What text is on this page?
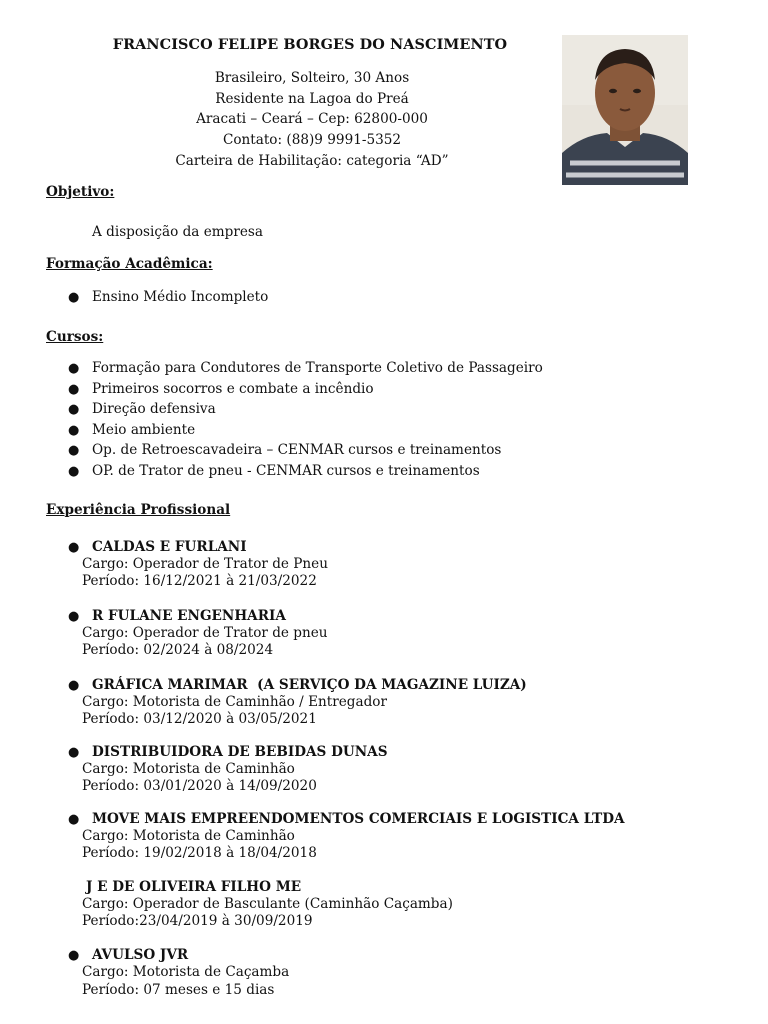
FRANCISCO FELIPE BORGES DO NASCIMENTO
Brasileiro, Solteiro, 30 Anos
Residente na Lagoa do Preá
Aracati – Ceará – Cep: 62800-000
Contato: (88)9 9991-5352
Carteira de Habilitação: categoria “AD”
Objetivo:
A disposição da empresa
Formação Acadêmica:
● Ensino Médio Incompleto
Cursos:
● Formação para Condutores de Transporte Coletivo de Passageiro
● Primeiros socorros e combate a incêndio
● Direção defensiva
● Meio ambiente
● Op. de Retroescavadeira – CENMAR cursos e treinamentos
● OP. de Trator de pneu - CENMAR cursos e treinamentos
Experiência Profissional
● CALDAS E FURLANI
Cargo: Operador de Trator de Pneu
Período: 16/12/2021 à 21/03/2022
● R FULANE ENGENHARIA
Cargo: Operador de Trator de pneu
Período: 02/2024 à 08/2024
● GRÁFICA MARIMAR  (A SERVIÇO DA MAGAZINE LUIZA)
Cargo: Motorista de Caminhão / Entregador
Período: 03/12/2020 à 03/05/2021
● DISTRIBUIDORA DE BEBIDAS DUNAS
Cargo: Motorista de Caminhão
Período: 03/01/2020 à 14/09/2020
● MOVE MAIS EMPREENDOMENTOS COMERCIAIS E LOGISTICA LTDA
Cargo: Motorista de Caminhão
Período: 19/02/2018 à 18/04/2018
J E DE OLIVEIRA FILHO ME
Cargo: Operador de Basculante (Caminhão Caçamba)
Período:23/04/2019 à 30/09/2019
● AVULSO JVR
Cargo: Motorista de Caçamba
Período: 07 meses e 15 dias
